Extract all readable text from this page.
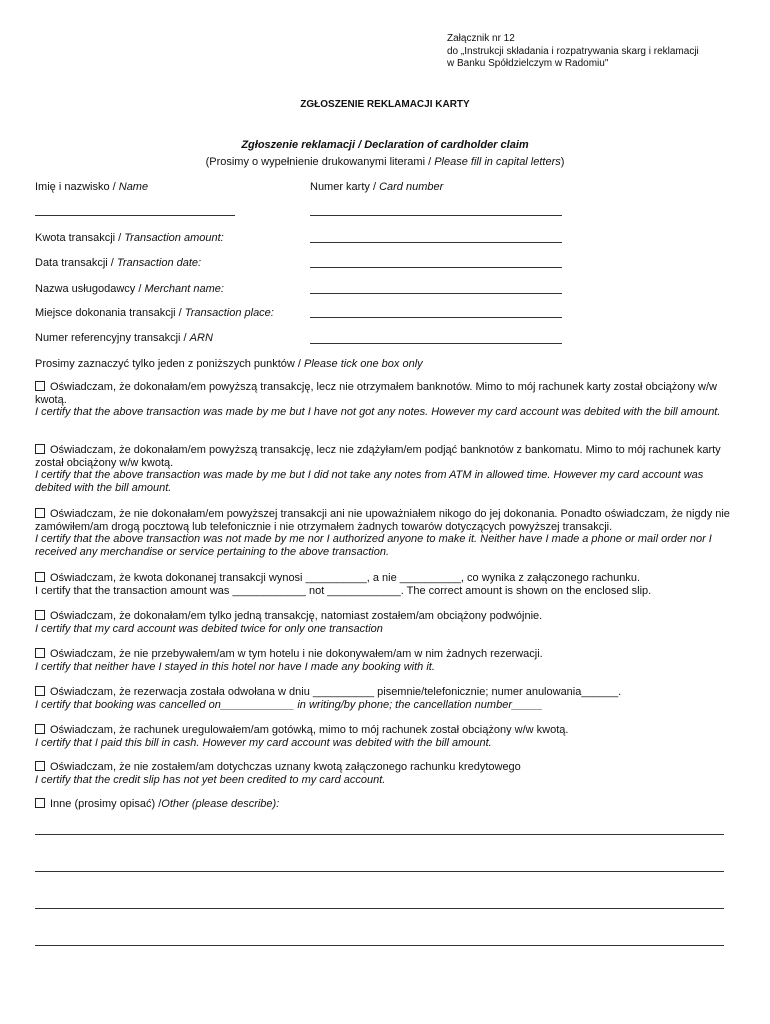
Załącznik nr 12
do „Instrukcji składania i rozpatrywania skarg i reklamacji
w Banku Spółdzielczym w Radomiu"
ZGŁOSZENIE REKLAMACJI KARTY
Zgłoszenie reklamacji / Declaration of cardholder claim
(Prosimy o wypełnienie drukowanymi literami / Please fill in capital letters)
Imię i nazwisko / Name	Numer karty / Card number
Kwota transakcji / Transaction amount:
Data transakcji / Transaction date:
Nazwa usługodawcy / Merchant name:
Miejsce dokonania transakcji / Transaction place:
Numer referencyjny transakcji / ARN
Prosimy zaznaczyć tylko jeden z poniższych punktów / Please tick one box only
Oświadczam, że dokonałam/em powyższą transakcję, lecz nie otrzymałem banknotów. Mimo to mój rachunek karty został obciążony w/w kwotą.
I certify that the above transaction was made by me but I have not got any notes. However my card account was debited with the bill amount.
Oświadczam, że dokonałam/em powyższą transakcję, lecz nie zdążyłam/em podjąć banknotów z bankomatu. Mimo to mój rachunek karty został obciążony w/w kwotą.
I certify that the above transaction was made by me but I did not take any notes from ATM in allowed time. However my card account was debited with the bill amount.
Oświadczam, że nie dokonałam/em powyższej transakcji ani nie upoważniałem nikogo do jej dokonania. Ponadto oświadczam, że nigdy nie zamówiłem/am drogą pocztową lub telefonicznie i nie otrzymałem żadnych towarów dotyczących powyższej transakcji.
I certify that the above transaction was not made by me nor I authorized anyone to make it. Neither have I made a phone or mail order nor I received any merchandise or service pertaining to the above transaction.
Oświadczam, że kwota dokonanej transakcji wynosi __________, a nie __________, co wynika z załączonego rachunku.
I certify that the transaction amount was ____________ not ____________. The correct amount is shown on the enclosed slip.
Oświadczam, że dokonałam/em tylko jedną transakcję, natomiast zostałem/am obciążony podwójnie.
I certify that my card account was debited twice for only one transaction
Oświadczam, że nie przebywałem/am w tym hotelu i nie dokonywałem/am w nim żadnych rezerwacji.
I certify that neither have I stayed in this hotel nor have I made any booking with it.
Oświadczam, że rezerwacja została odwołana w dniu __________ pisemnie/telefonicznie; numer anulowania______.
I certify that booking was cancelled on____________ in writing/by phone; the cancellation number_____
Oświadczam, że rachunek uregulowałem/am gotówką, mimo to mój rachunek został obciążony w/w kwotą.
I certify that I paid this bill in cash. However my card account was debited with the bill amount.
Oświadczam, że nie zostałem/am dotychczas uznany kwotą załączonego rachunku kredytowego
I certify that the credit slip has not yet been credited to my card account.
Inne (prosimy opisać) /Other (please describe):
